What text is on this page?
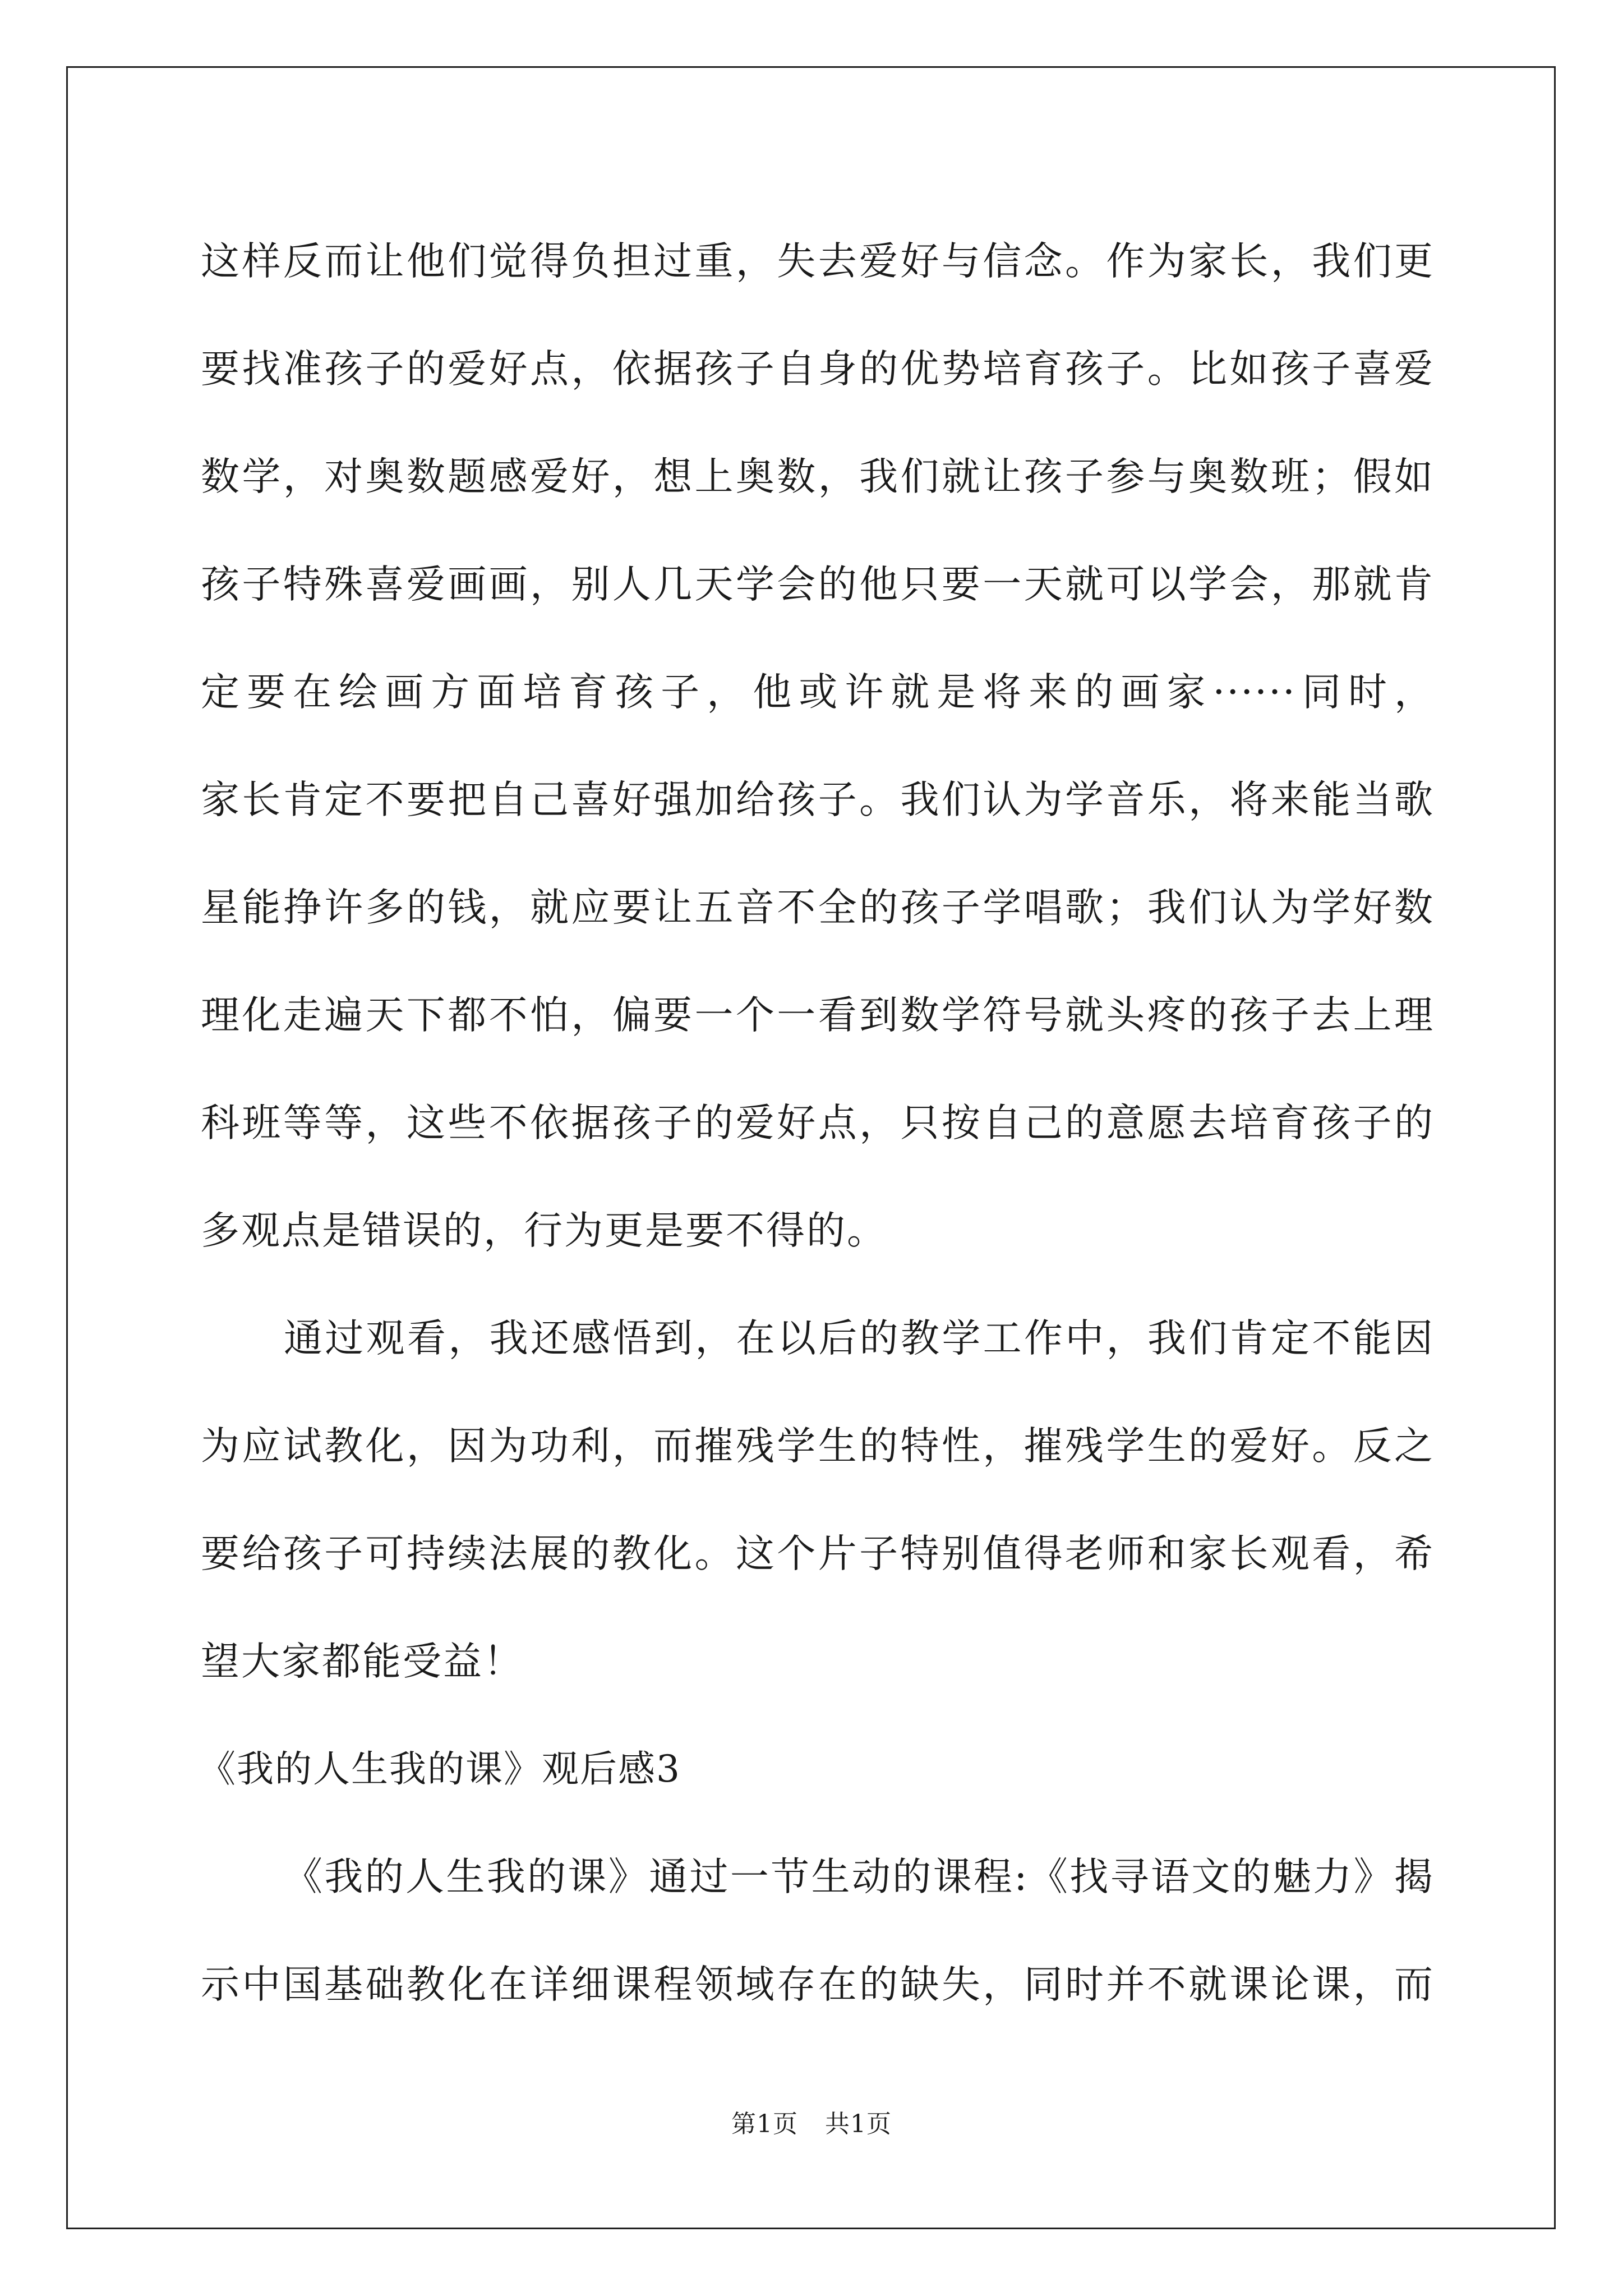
这样反而让他们觉得负担过重，失去爱好与信念。作为家长，我们更
要找准孩子的爱好点，依据孩子自身的优势培育孩子。比如孩子喜爱
数学，对奥数题感爱好，想上奥数，我们就让孩子参与奥数班；假如
孩子特殊喜爱画画，别人几天学会的他只要一天就可以学会，那就肯
定要在绘画方面培育孩子，他或许就是将来的画家······同时，
家长肯定不要把自己喜好强加给孩子。我们认为学音乐，将来能当歌
星能挣许多的钱，就应要让五音不全的孩子学唱歌；我们认为学好数
理化走遍天下都不怕，偏要一个一看到数学符号就头疼的孩子去上理
科班等等，这些不依据孩子的爱好点，只按自己的意愿去培育孩子的
多观点是错误的，行为更是要不得的。
通过观看，我还感悟到，在以后的教学工作中，我们肯定不能因
为应试教化，因为功利，而摧残学生的特性，摧残学生的爱好。反之
要给孩子可持续法展的教化。这个片子特别值得老师和家长观看，希
望大家都能受益！
《我的人生我的课》观后感3
《我的人生我的课》通过一节生动的课程:《找寻语文的魅力》揭
示中国基础教化在详细课程领域存在的缺失，同时并不就课论课，而
第1页 共1页
